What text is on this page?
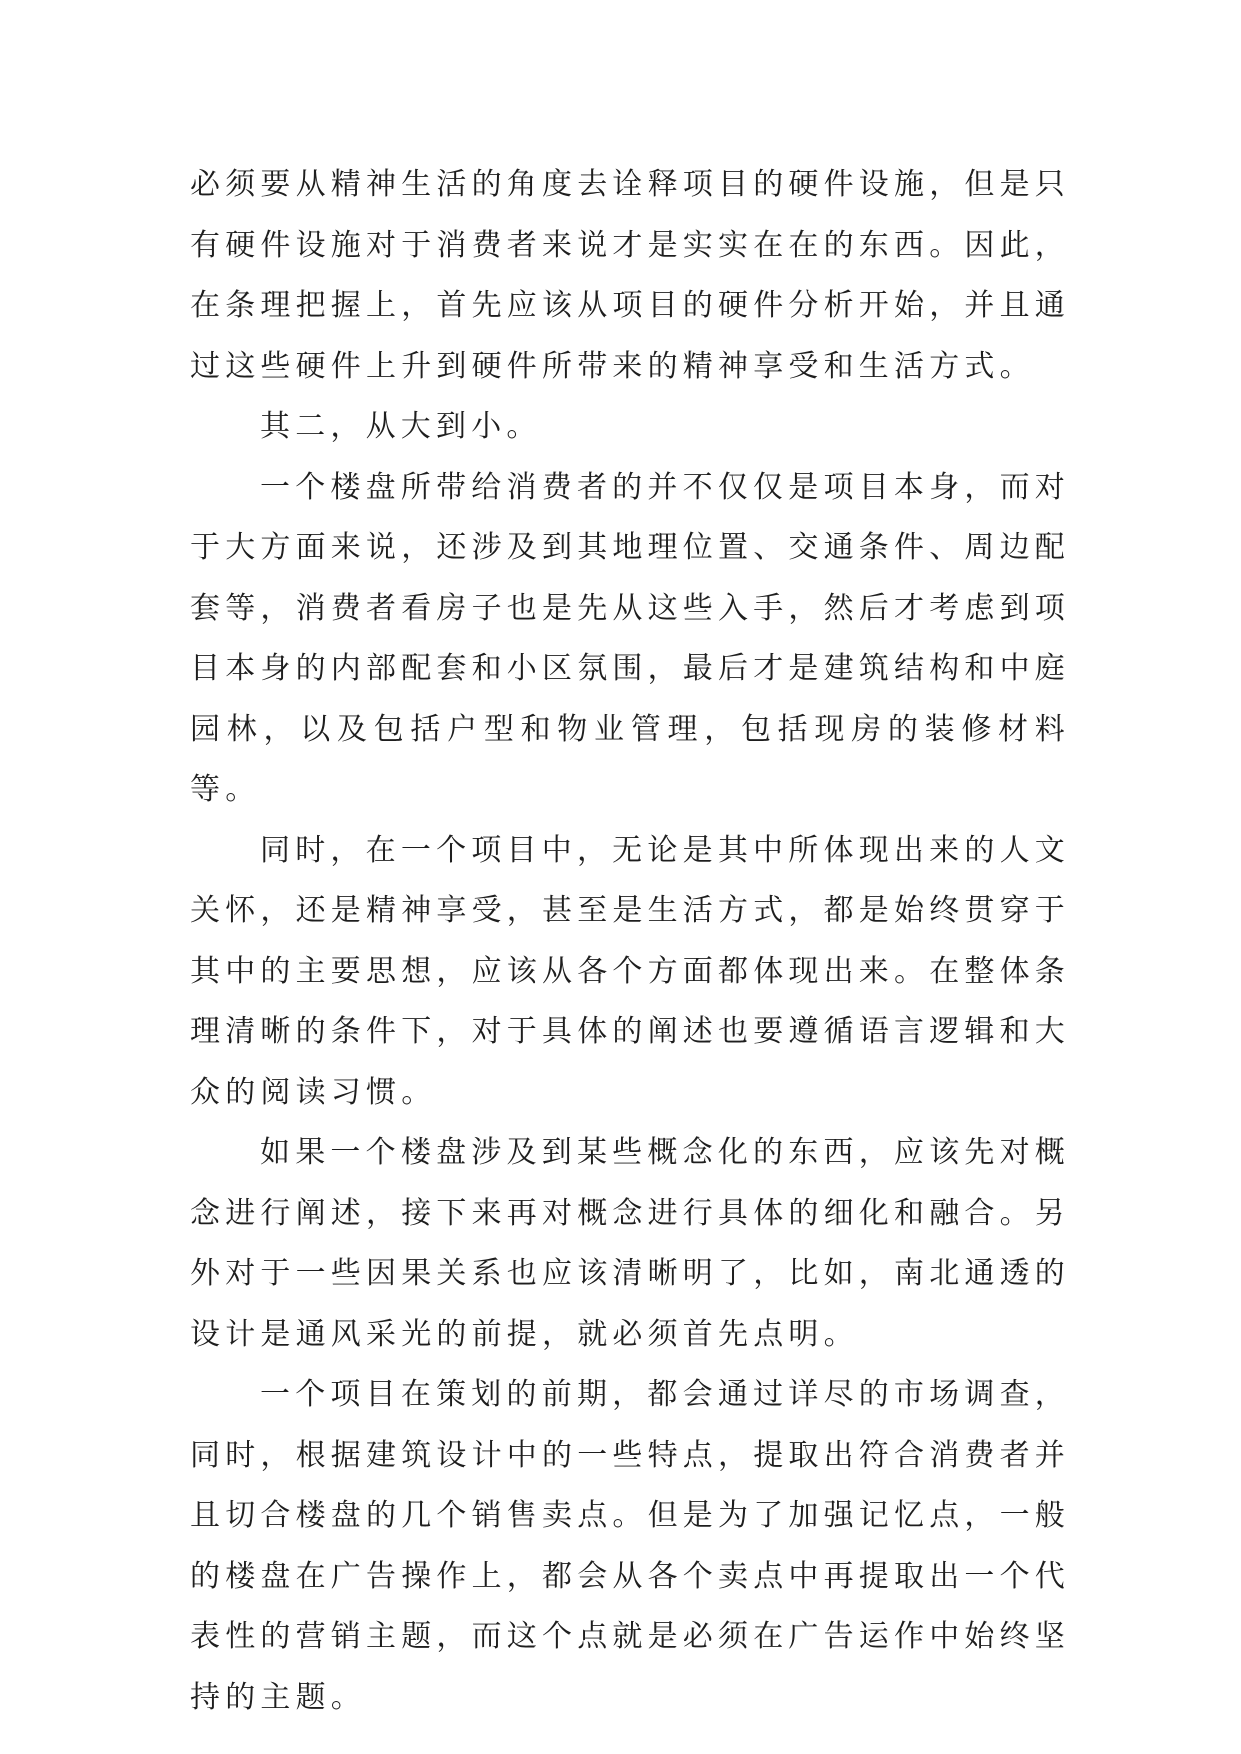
必须要从精神生活的角度去诠释项目的硬件设施，但是只有硬件设施对于消费者来说才是实实在在的东西。因此，在条理把握上，首先应该从项目的硬件分析开始，并且通过这些硬件上升到硬件所带来的精神享受和生活方式。

其二，从大到小。

一个楼盘所带给消费者的并不仅仅是项目本身，而对于大方面来说，还涉及到其地理位置、交通条件、周边配套等，消费者看房子也是先从这些入手，然后才考虑到项目本身的内部配套和小区氛围，最后才是建筑结构和中庭园林，以及包括户型和物业管理，包括现房的装修材料等。

同时，在一个项目中，无论是其中所体现出来的人文关怀，还是精神享受，甚至是生活方式，都是始终贯穿于其中的主要思想，应该从各个方面都体现出来。在整体条理清晰的条件下，对于具体的阐述也要遵循语言逻辑和大众的阅读习惯。

如果一个楼盘涉及到某些概念化的东西，应该先对概念进行阐述，接下来再对概念进行具体的细化和融合。另外对于一些因果关系也应该清晰明了，比如，南北通透的设计是通风采光的前提，就必须首先点明。

一个项目在策划的前期，都会通过详尽的市场调查，同时，根据建筑设计中的一些特点，提取出符合消费者并且切合楼盘的几个销售卖点。但是为了加强记忆点，一般的楼盘在广告操作上，都会从各个卖点中再提取出一个代表性的营销主题，而这个点就是必须在广告运作中始终坚持的主题。
